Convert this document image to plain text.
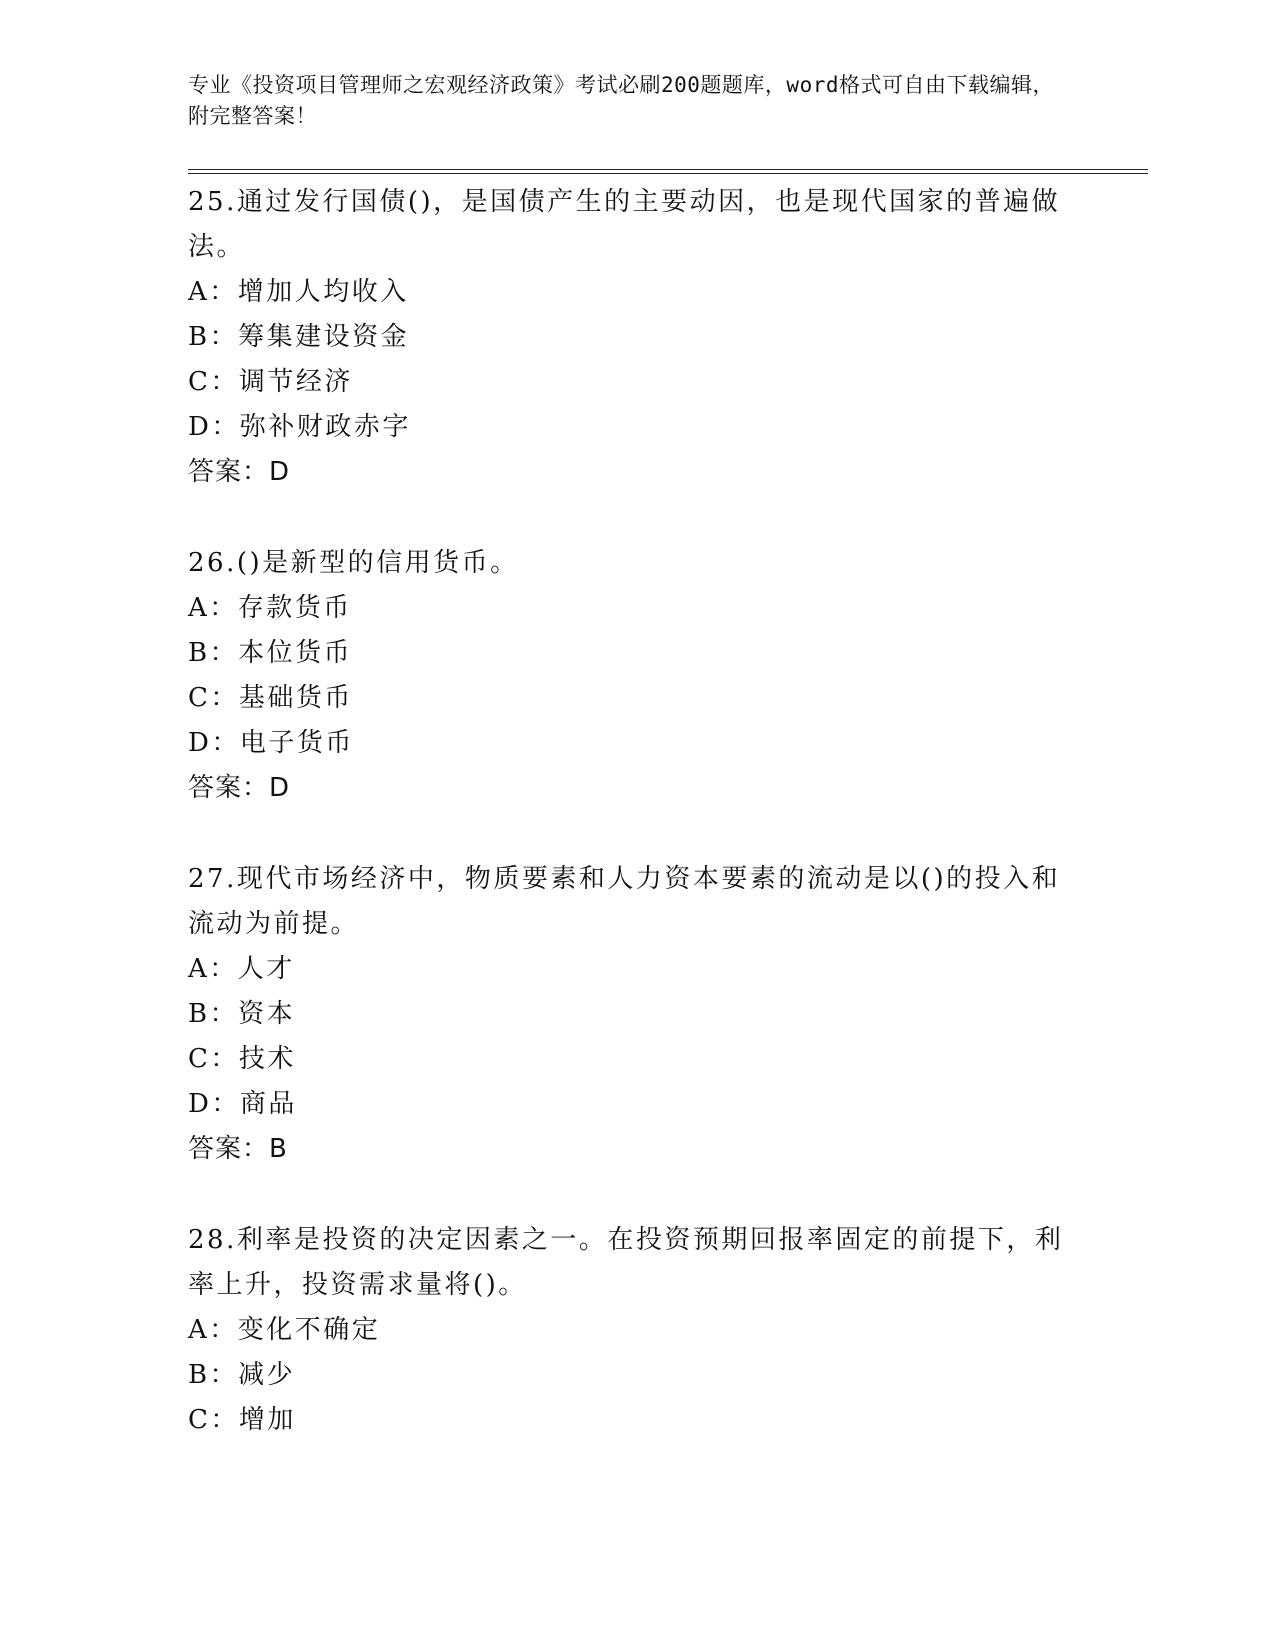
专业《投资项目管理师之宏观经济政策》考试必刷200题题库，word格式可自由下载编辑，附完整答案！

25.通过发行国债()，是国债产生的主要动因，也是现代国家的普遍做法。

A：增加人均收入

B：筹集建设资金

C：调节经济

D：弥补财政赤字

答案：D

26.()是新型的信用货币。

A：存款货币

B：本位货币

C：基础货币

D：电子货币

答案：D

27.现代市场经济中，物质要素和人力资本要素的流动是以()的投入和流动为前提。

A：人才

B：资本

C：技术

D：商品

答案：B

28.利率是投资的决定因素之一。在投资预期回报率固定的前提下，利率上升，投资需求量将()。

A：变化不确定

B：减少

C：增加
